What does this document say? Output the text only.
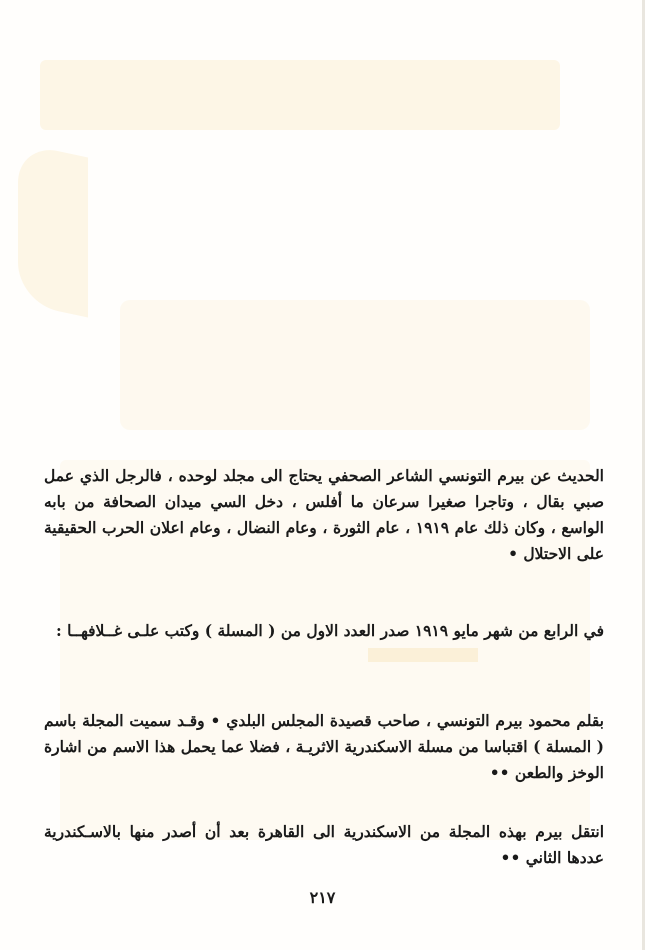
الحديث عن بيرم التونسي الشاعر الصحفي يحتاج الى مجلد لوحده ، فالرجل الذي عمل صبي بقال ، وتاجرا صغيرا سرعان ما أفلس ، دخل السي ميدان الصحافة من بابه الواسع ، وكان ذلك عام ١٩١٩ ، عام الثورة ، وعام النضال ، وعام اعلان الحرب الحقيقية على الاحتلال •

في الرابع من شهر مايو ١٩١٩ صدر العدد الاول من ( المسلة ) وكتب علـى غــلافهــا :

بقلم محمود بيرم التونسي ، صاحب قصيدة المجلس البلدي • وقـد سميت المجلة باسم ( المسلة ) اقتباسا من مسلة الاسكندرية الاثريـة ، فضلا عما يحمل هذا الاسم من اشارة الوخز والطعن ••

انتقل بيرم بهذه المجلة من الاسكندرية الى القاهرة بعد أن أصدر منها بالاسـكندرية عددها الثاني ••

٢١٧
